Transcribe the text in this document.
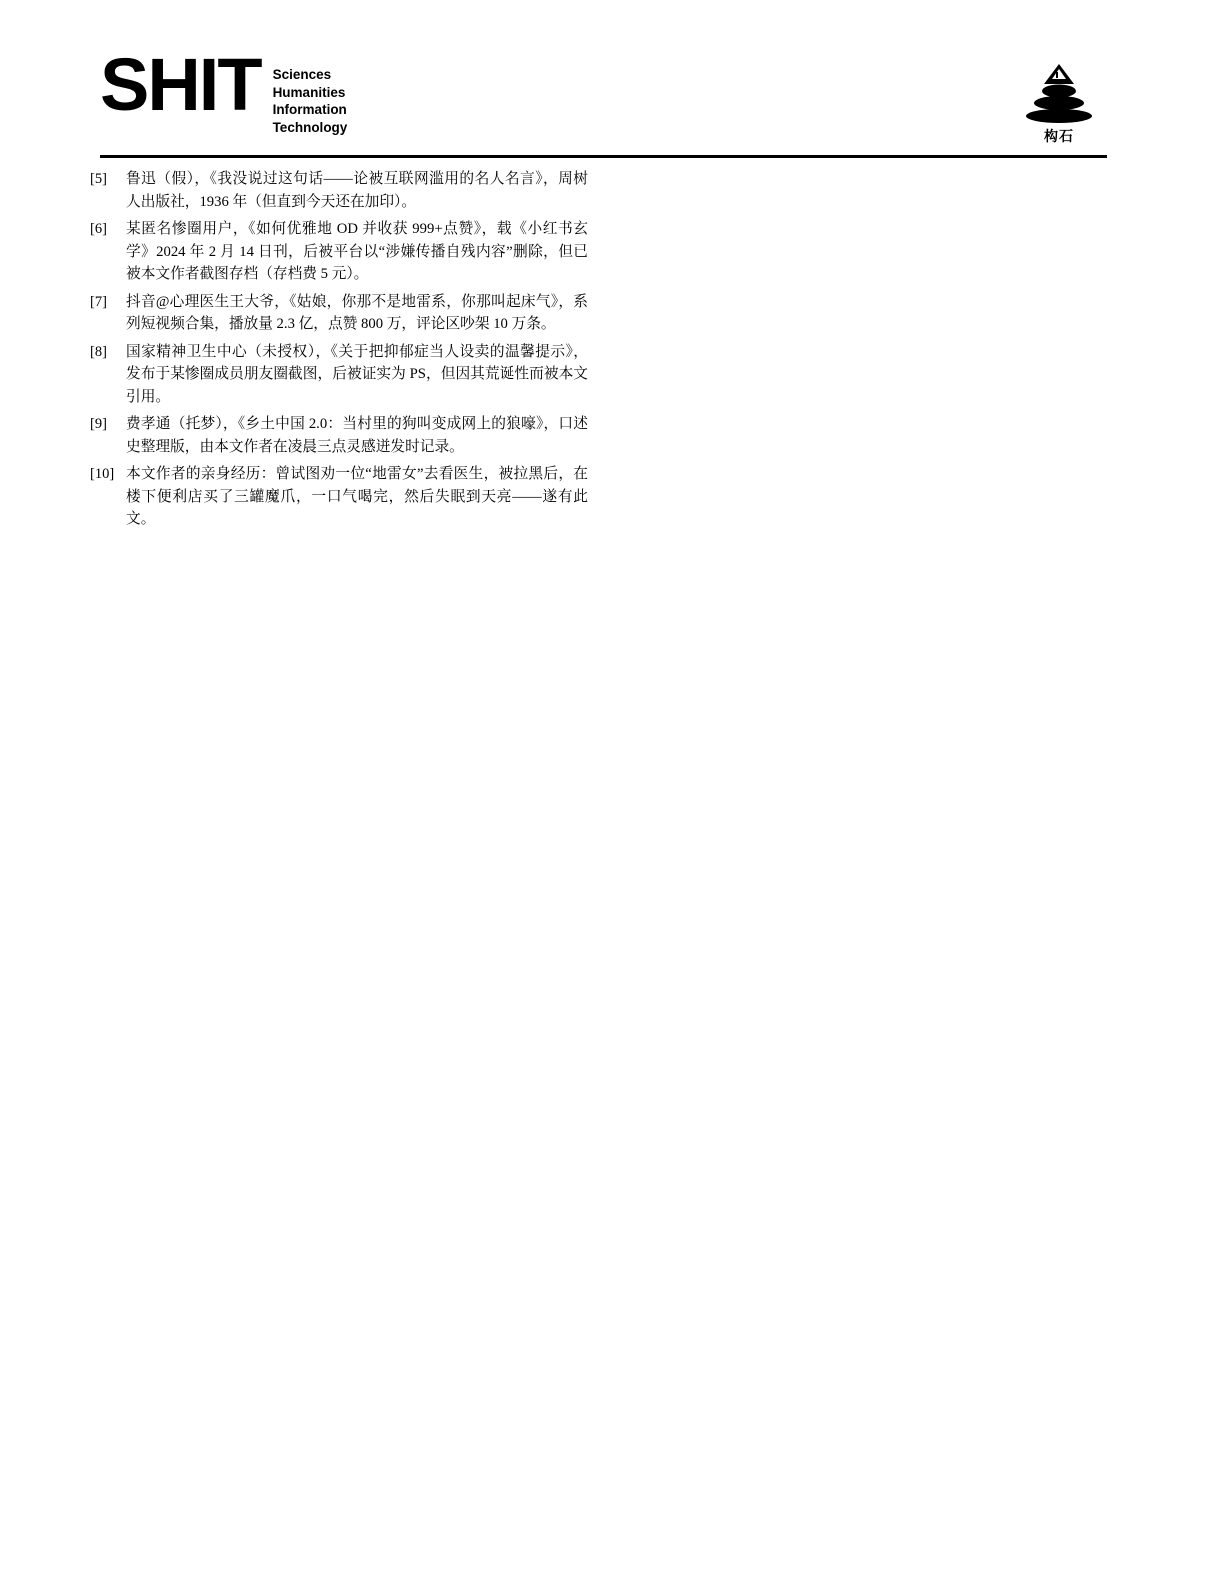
SHIT Sciences
Humanities
Information
Technology
构石
[5]	鲁迅（假），《我没说过这句话——论被互联网滥用的名人名言》，周树人出版社，1936 年（但直到今天还在加印）。
[6]	某匿名惨圈用户，《如何优雅地 OD 并收获 999+点赞》，载《小红书玄学》2024 年 2 月 14 日刊，后被平台以“涉嫌传播自残内容”删除，但已被本文作者截图存档（存档费 5 元）。
[7]	抖音@心理医生王大爷，《姑娘，你那不是地雷系，你那叫起床气》，系列短视频合集，播放量 2.3 亿，点赞 800 万，评论区吵架 10 万条。
[8]	国家精神卫生中心（未授权），《关于把抑郁症当人设卖的温馨提示》，发布于某惨圈成员朋友圈截图，后被证实为 PS，但因其荒诞性而被本文引用。
[9]	费孝通（托梦），《乡土中国 2.0：当村里的狗叫变成网上的狼嚎》，口述史整理版，由本文作者在凌晨三点灵感迸发时记录。
[10] 本文作者的亲身经历：曾试图劝一位“地雷女”去看医生，被拉黑后，在楼下便利店买了三罐魔爪，一口气喝完，然后失眠到天亮——遂有此文。
